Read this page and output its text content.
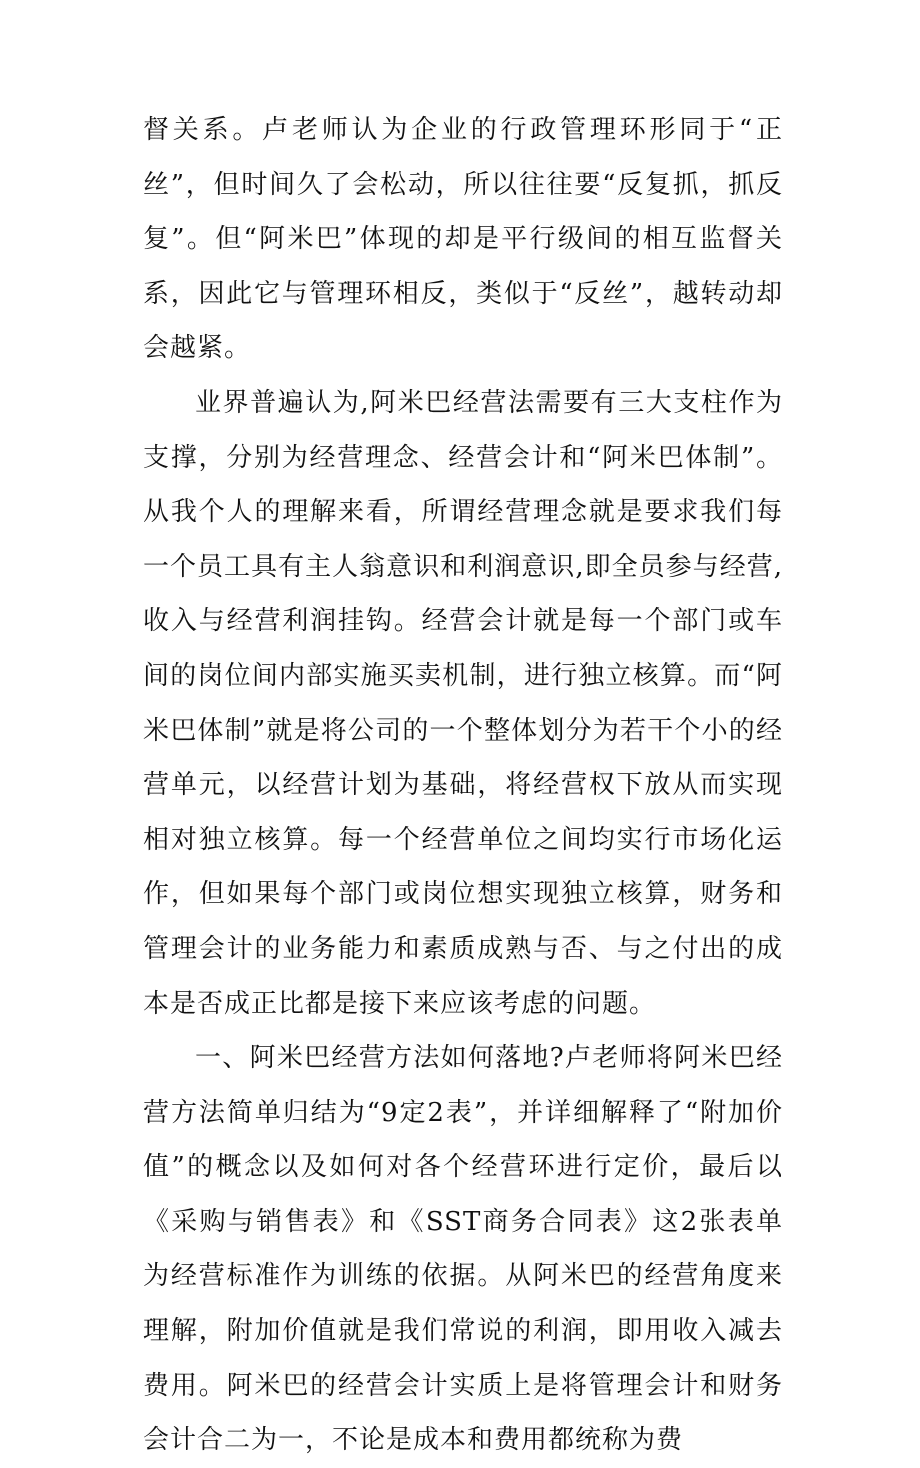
督关系。卢老师认为企业的行政管理环形同于“正丝”，但时间久了会松动，所以往往要“反复抓，抓反复”。但“阿米巴”体现的却是平行级间的相互监督关系，因此它与管理环相反，类似于“反丝”，越转动却会越紧。

业界普遍认为,阿米巴经营法需要有三大支柱作为支撑，分别为经营理念、经营会计和“阿米巴体制”。从我个人的理解来看，所谓经营理念就是要求我们每一个员工具有主人翁意识和利润意识,即全员参与经营,收入与经营利润挂钩。经营会计就是每一个部门或车间的岗位间内部实施买卖机制，进行独立核算。而“阿米巴体制”就是将公司的一个整体划分为若干个小的经营单元，以经营计划为基础，将经营权下放从而实现相对独立核算。每一个经营单位之间均实行市场化运作，但如果每个部门或岗位想实现独立核算，财务和管理会计的业务能力和素质成熟与否、与之付出的成本是否成正比都是接下来应该考虑的问题。

一、阿米巴经营方法如何落地?卢老师将阿米巴经营方法简单归结为“9定2表”，并详细解释了“附加价值”的概念以及如何对各个经营环进行定价，最后以《采购与销售表》和《SST商务合同表》这2张表单为经营标准作为训练的依据。从阿米巴的经营角度来理解，附加价值就是我们常说的利润，即用收入减去费用。阿米巴的经营会计实质上是将管理会计和财务会计合二为一，不论是成本和费用都统称为费
